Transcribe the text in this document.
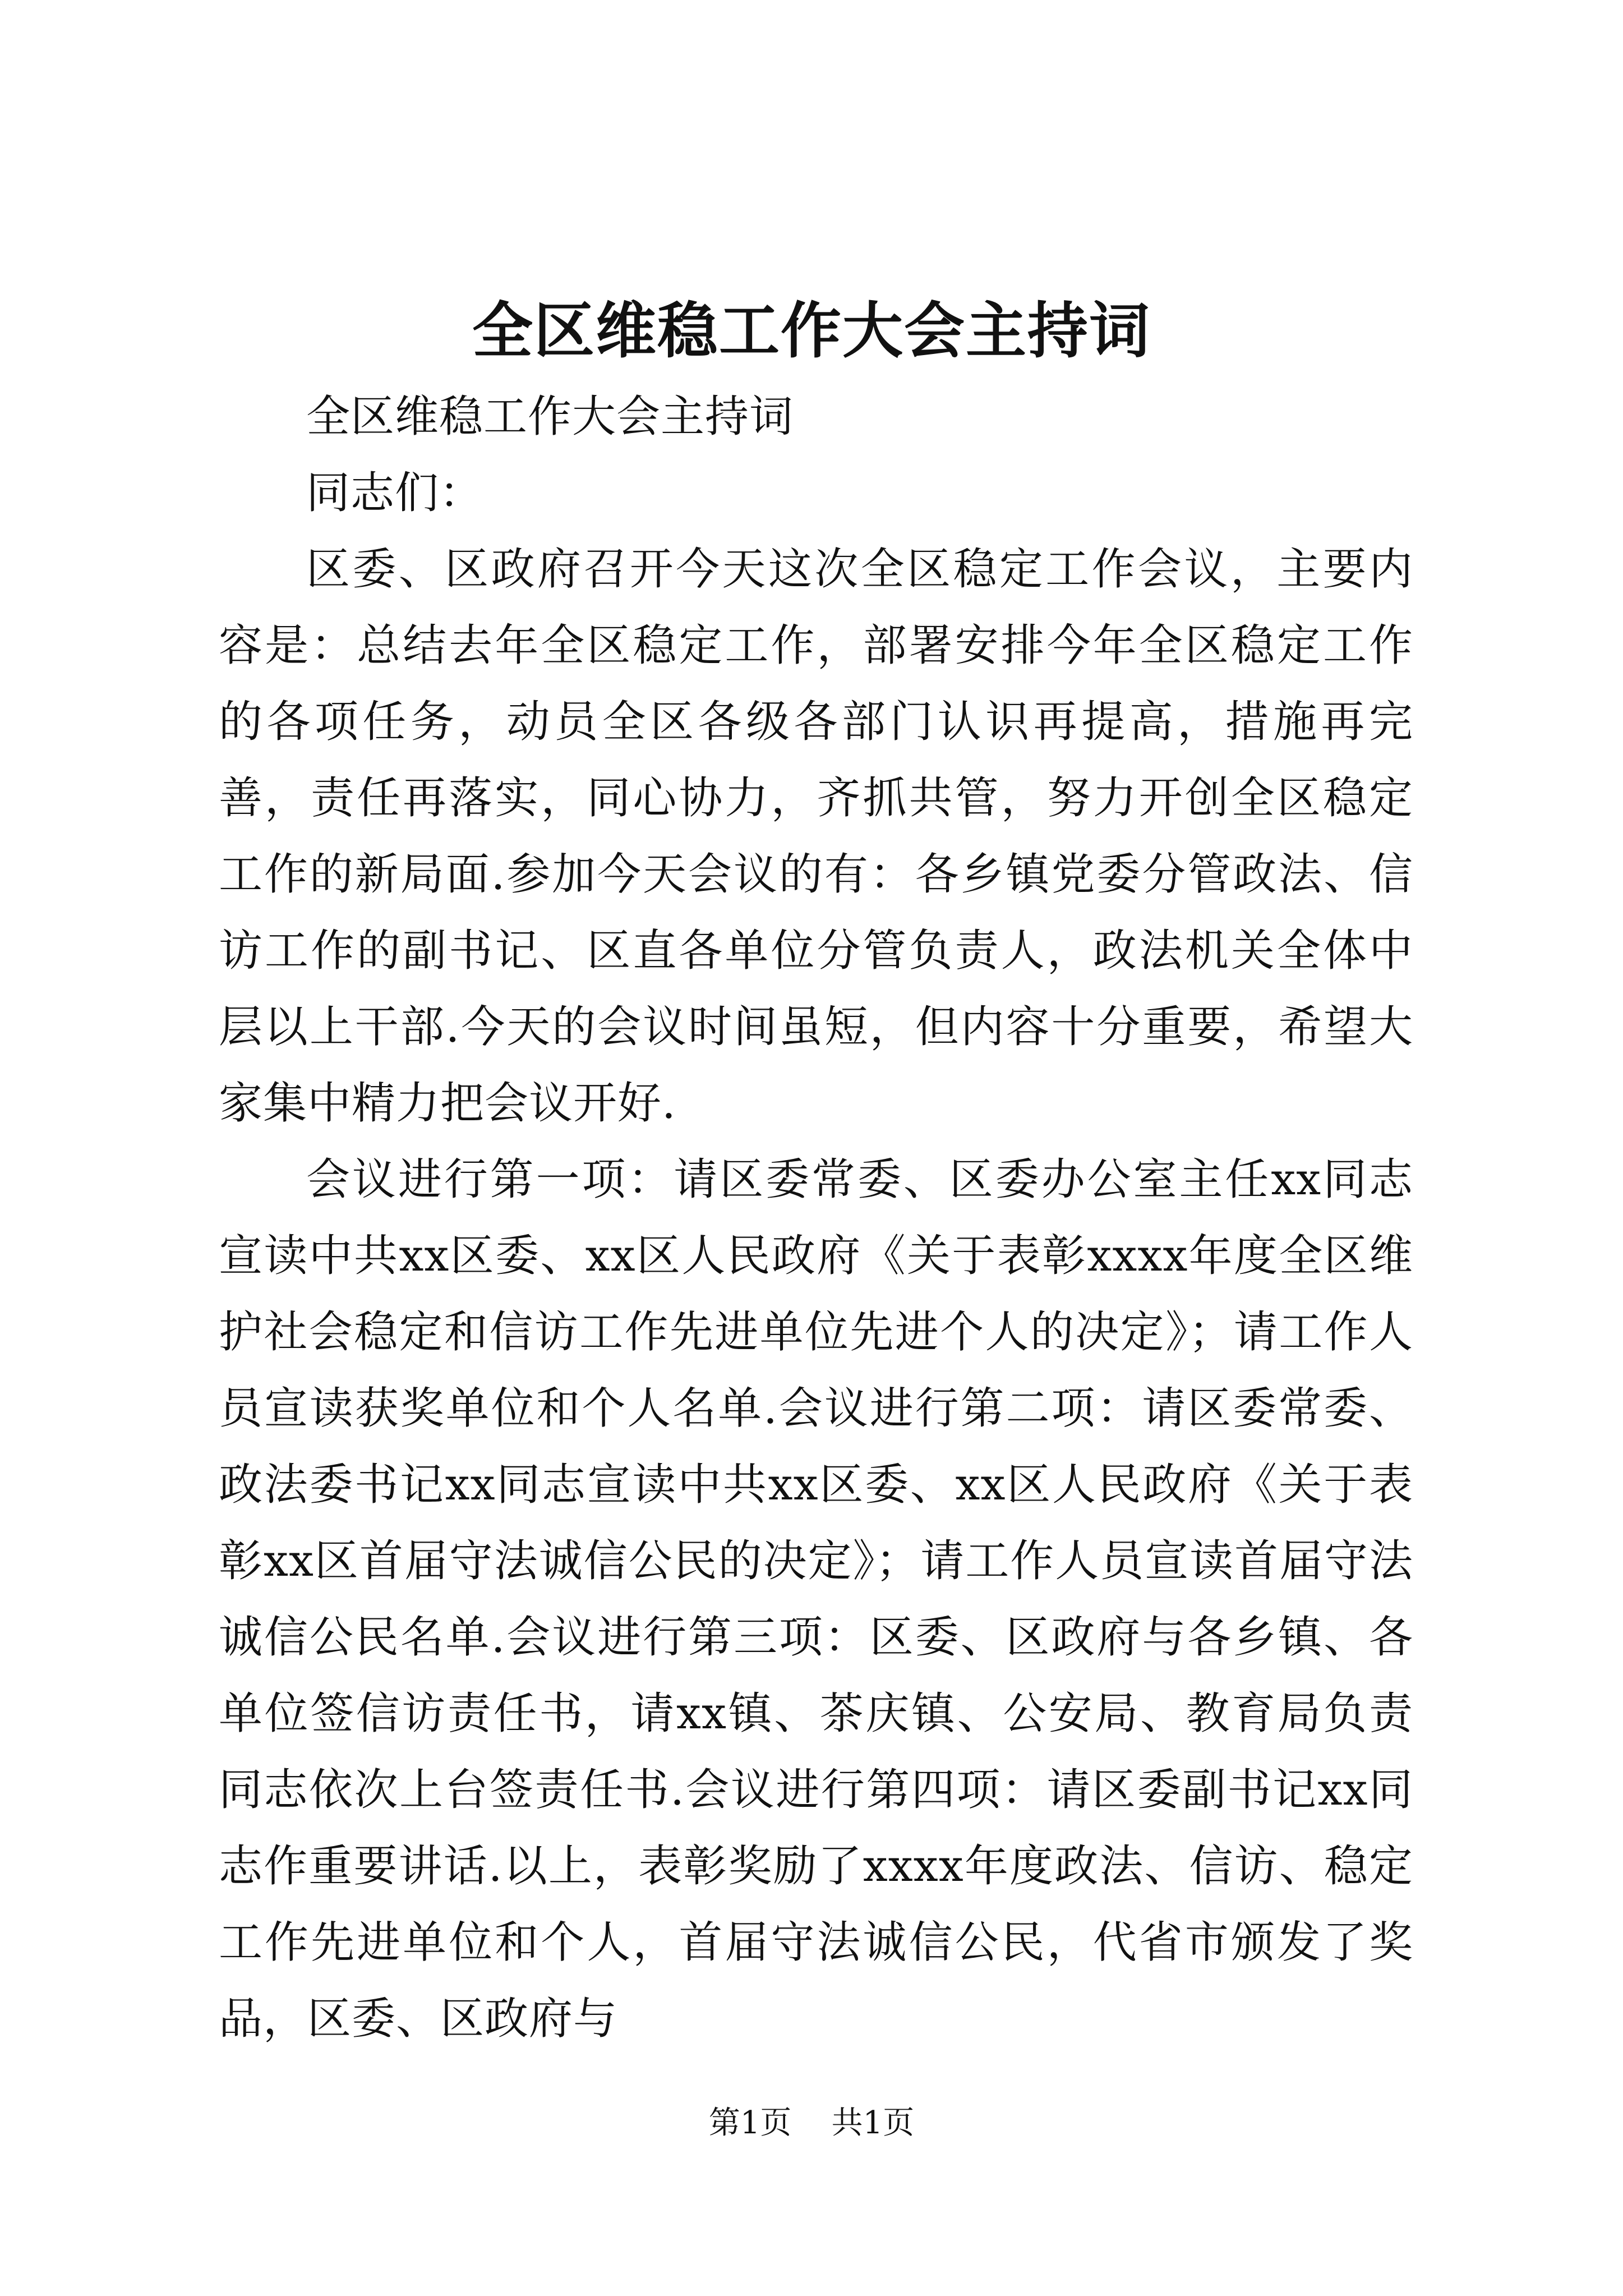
全区维稳工作大会主持词

全区维稳工作大会主持词

同志们：

区委、区政府召开今天这次全区稳定工作会议，主要内容是：总结去年全区稳定工作，部署安排今年全区稳定工作的各项任务，动员全区各级各部门认识再提高，措施再完善，责任再落实，同心协力，齐抓共管，努力开创全区稳定工作的新局面.参加今天会议的有：各乡镇党委分管政法、信访工作的副书记、区直各单位分管负责人，政法机关全体中层以上干部.今天的会议时间虽短，但内容十分重要，希望大家集中精力把会议开好.

会议进行第一项：请区委常委、区委办公室主任xx同志宣读中共xx区委、xx区人民政府《关于表彰xxxx年度全区维护社会稳定和信访工作先进单位先进个人的决定》；请工作人员宣读获奖单位和个人名单.会议进行第二项：请区委常委、政法委书记xx同志宣读中共xx区委、xx区人民政府《关于表彰xx区首届守法诚信公民的决定》；请工作人员宣读首届守法诚信公民名单.会议进行第三项：区委、区政府与各乡镇、各单位签信访责任书，请xx镇、茶庆镇、公安局、教育局负责同志依次上台签责任书.会议进行第四项：请区委副书记xx同志作重要讲话.以上，表彰奖励了xxxx年度政法、信访、稳定工作先进单位和个人，首届守法诚信公民，代省市颁发了奖品，区委、区政府与

第1页 共1页
